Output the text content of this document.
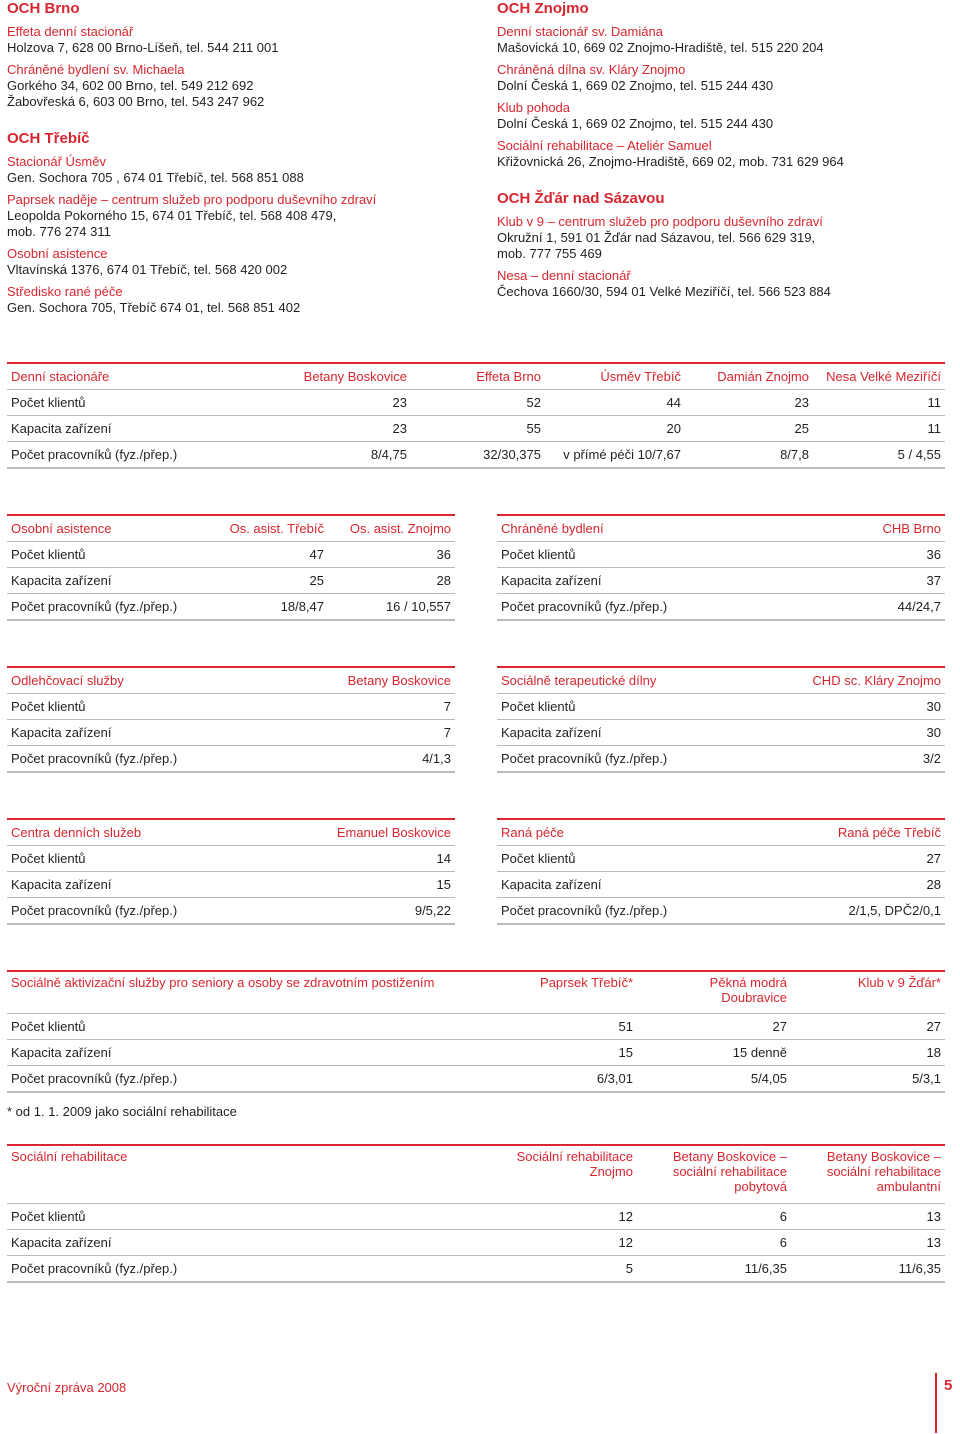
OCH Brno

Effeta denní stacionář

Holzova 7, 628 00 Brno-Líšeň, tel. 544 211 001

Chráněné bydlení sv. Michaela

Gorkého 34, 602 00 Brno, tel. 549 212 692

Žabovřeská 6, 603 00 Brno, tel. 543 247 962

OCH Třebíč

Stacionář Úsměv

Gen. Sochora 705 , 674 01 Třebíč, tel. 568 851 088

Paprsek naděje – centrum služeb pro podporu duševního zdraví

Leopolda Pokorného 15, 674 01 Třebíč, tel. 568 408 479,

mob. 776 274 311

Osobní asistence

Vltavínská 1376, 674 01 Třebíč, tel. 568 420 002

Středisko rané péče

Gen. Sochora 705, Třebíč 674 01, tel. 568 851 402

OCH Znojmo

Denní stacionář sv. Damiána

Mašovická 10, 669 02 Znojmo-Hradiště, tel. 515 220 204

Chráněná dílna sv. Kláry Znojmo

Dolní Česká 1, 669 02 Znojmo, tel. 515 244 430

Klub pohoda

Dolní Česká 1, 669 02 Znojmo, tel. 515 244 430

Sociální rehabilitace – Ateliér Samuel

Křižovnická 26, Znojmo-Hradiště, 669 02, mob. 731 629 964

OCH Žďár nad Sázavou

Klub v 9 – centrum služeb pro podporu duševního zdraví

Okružní 1, 591 01 Žďár nad Sázavou, tel. 566 629 319,

mob. 777 755 469

Nesa – denní stacionář

Čechova 1660/30, 594 01 Velké Meziříčí, tel. 566 523 884

Denní stacionáře	Betany Boskovice	Effeta Brno	Úsměv Třebíč	Damián Znojmo	Nesa Velké Meziříčí
Počet klientů	23	52	44	23	11
Kapacita zařízení	23	55	20	25	11
Počet pracovníků (fyz./přep.)	8/4,75	32/30,375	v přímé péči 10/7,67	8/7,8	5 / 4,55
Osobní asistence	Os. asist. Třebíč	Os. asist. Znojmo
Počet klientů	47	36
Kapacita zařízení	25	28
Počet pracovníků (fyz./přep.)	18/8,47	16 / 10,557
Chráněné bydlení	CHB Brno
Počet klientů	36
Kapacita zařízení	37
Počet pracovníků (fyz./přep.)	44/24,7
Odlehčovací služby	Betany Boskovice
Počet klientů	7
Kapacita zařízení	7
Počet pracovníků (fyz./přep.)	4/1,3
Sociálně terapeutické dílny	CHD sc. Kláry Znojmo
Počet klientů	30
Kapacita zařízení	30
Počet pracovníků (fyz./přep.)	3/2
Centra denních služeb	Emanuel Boskovice
Počet klientů	14
Kapacita zařízení	15
Počet pracovníků (fyz./přep.)	9/5,22
Raná péče	Raná péče Třebíč
Počet klientů	27
Kapacita zařízení	28
Počet pracovníků (fyz./přep.)	2/1,5, DPČ2/0,1
Sociálně aktivizační služby pro seniory a osoby se zdravotním postižením	Paprsek Třebíč*	Pěkná modrá Doubravice	Klub v 9 Žďár*
Počet klientů	51	27	27
Kapacita zařízení	15	15 denně	18
Počet pracovníků (fyz./přep.)	6/3,01	5/4,05	5/3,1
* od 1. 1. 2009 jako sociální rehabilitace
Sociální rehabilitace	Sociální rehabilitace Znojmo	Betany Boskovice – sociální rehabilitace pobytová	Betany Boskovice – sociální rehabilitace ambulantní
Počet klientů	12	6	13
Kapacita zařízení	12	6	13
Počet pracovníků (fyz./přep.)	5	11/6,35	11/6,35
Výroční zpráva 2008	5
